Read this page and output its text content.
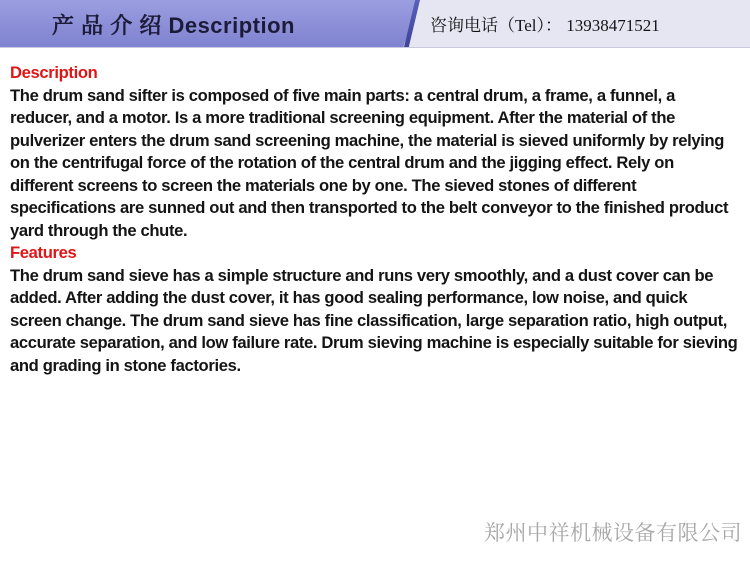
产 品 介 绍 Description	咨询电话（Tel）： 13938471521
Description

The drum sand sifter is composed of five main parts: a central drum, a frame, a funnel, a reducer, and a motor. Is a more traditional screening equipment. After the material of the pulverizer enters the drum sand screening machine, the material is sieved uniformly by relying on the centrifugal force of the rotation of the central drum and the jigging effect. Rely on different screens to screen the materials one by one. The sieved stones of different specifications are sunned out and then transported to the belt conveyor to the finished product yard through the chute.

Features

The drum sand sieve has a simple structure and runs very smoothly, and a dust cover can be added. After adding the dust cover, it has good sealing performance, low noise, and quick screen change. The drum sand sieve has fine classification, large separation ratio, high output, accurate separation, and low failure rate. Drum sieving machine is especially suitable for sieving and grading in stone factories.

郑州中祥机械设备有限公司
